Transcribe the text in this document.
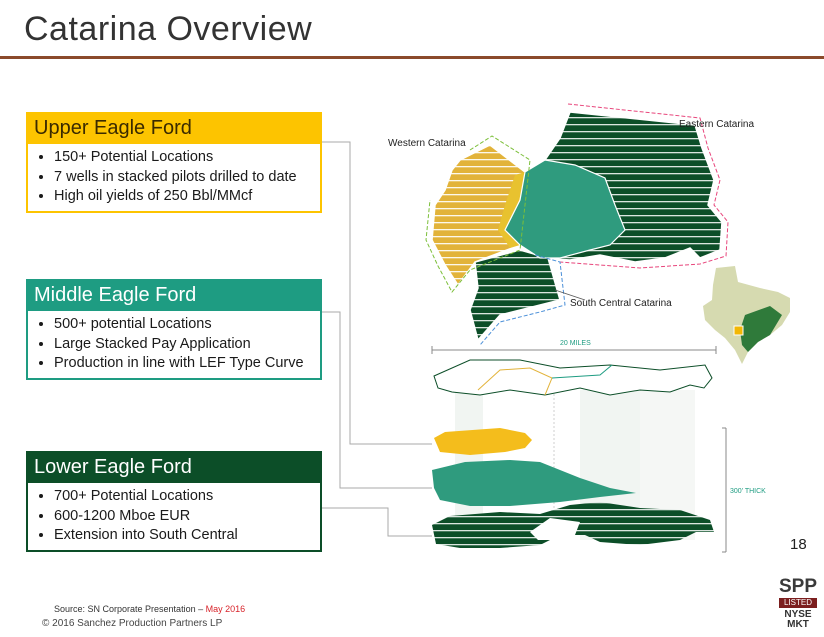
Catarina Overview
Western Catarina
Eastern Catarina
South Central Catarina
20 MILES
300' THICK
Upper Eagle Ford
• 150+ Potential Locations
• 7 wells in stacked pilots drilled to date
• High oil yields of 250 Bbl/MMcf
Middle Eagle Ford
• 500+ potential Locations
• Large Stacked Pay Application
• Production in line with LEF Type Curve
Lower Eagle Ford
• 700+ Potential Locations
• 600-1200 Mboe EUR
• Extension into South Central
18
Source: SN Corporate Presentation – May 2016
© 2016 Sanchez Production Partners LP
SPP
LISTED
NYSE MKT
